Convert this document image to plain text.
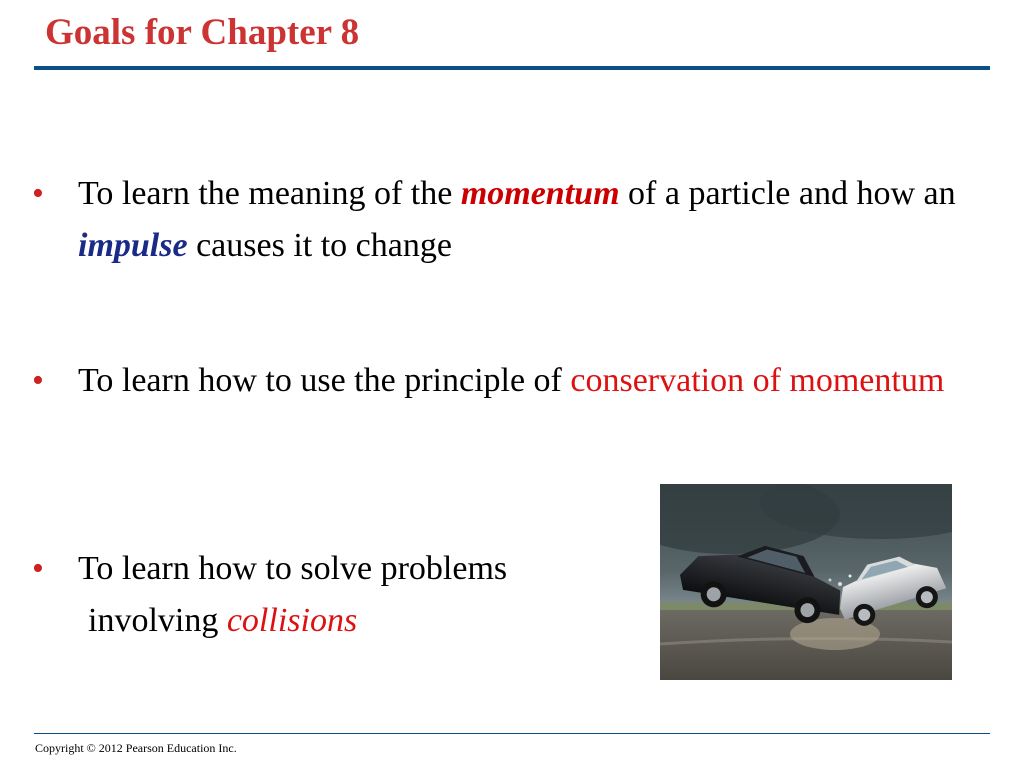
Goals for Chapter 8
•	To learn the meaning of the momentum of a particle and how an impulse causes it to change
•	To learn how to use the principle of conservation of momentum
•	To learn how to solve problems
involving collisions
Copyright © 2012 Pearson Education Inc.
